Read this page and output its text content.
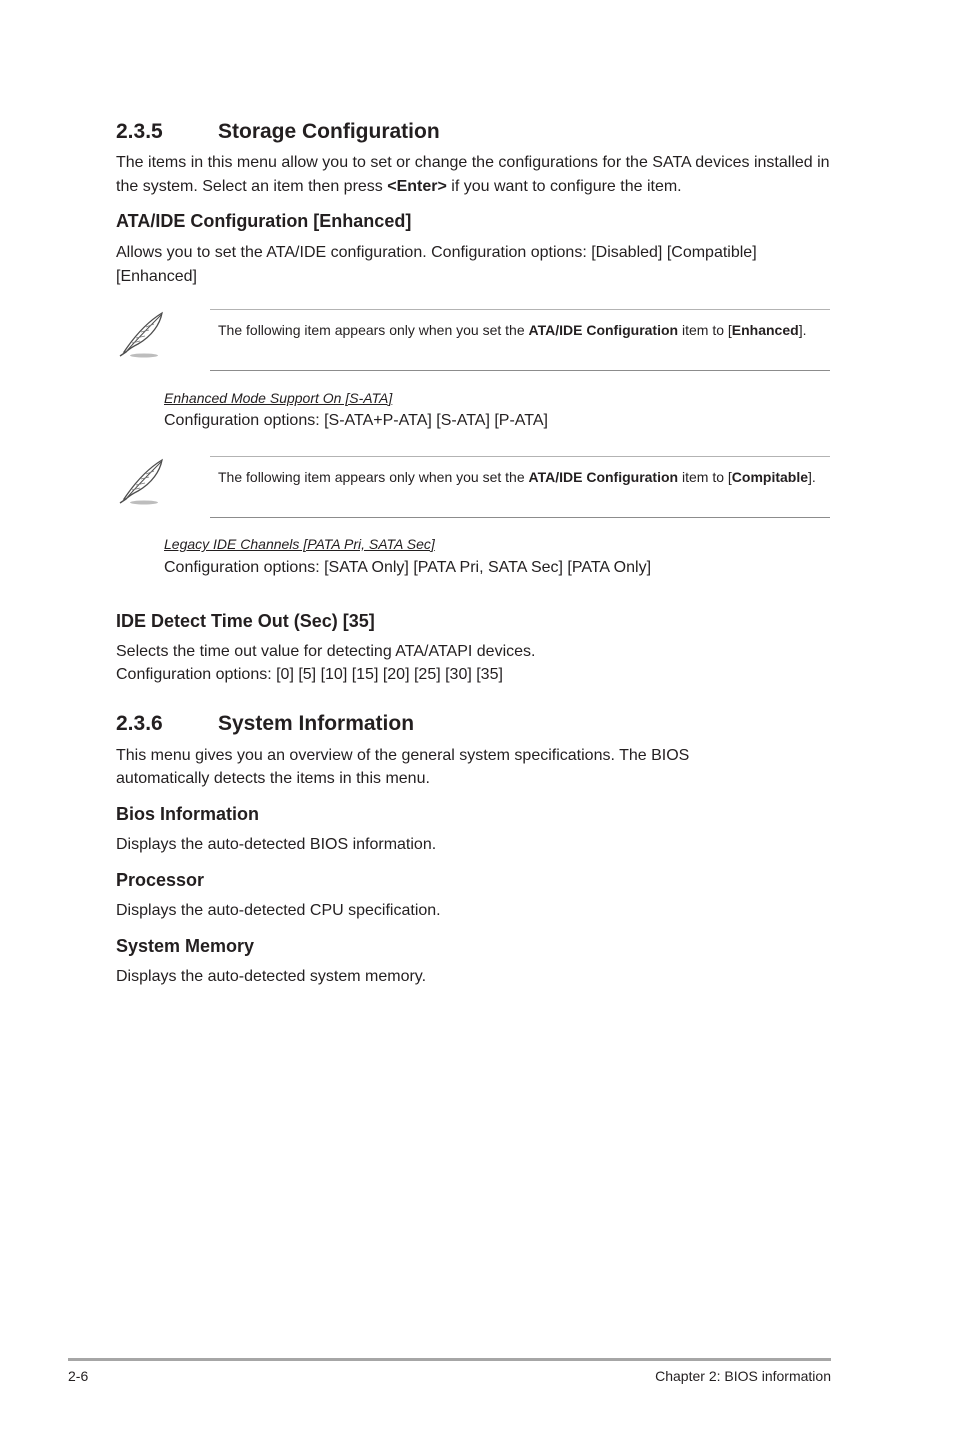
2.3.5	Storage Configuration

The items in this menu allow you to set or change the configurations for the SATA devices installed in the system. Select an item then press <Enter> if you want to configure the item.

ATA/IDE Configuration [Enhanced]

Allows you to set the ATA/IDE configuration. Configuration options: [Disabled] [Compatible] [Enhanced]

The following item appears only when you set the ATA/IDE Configuration item to [Enhanced].
Enhanced Mode Support On [S-ATA]

Configuration options: [S-ATA+P-ATA] [S-ATA] [P-ATA]

The following item appears only when you set the ATA/IDE Configuration item to [Compitable].
Legacy IDE Channels [PATA Pri, SATA Sec]

Configuration options: [SATA Only] [PATA Pri, SATA Sec] [PATA Only]

IDE Detect Time Out (Sec) [35]

Selects the time out value for detecting ATA/ATAPI devices.

Configuration options: [0] [5] [10] [15] [20] [25] [30] [35]

2.3.6	System Information

This menu gives you an overview of the general system specifications. The BIOS

automatically detects the items in this menu.

Bios Information

Displays the auto-detected BIOS information.

Processor

Displays the auto-detected CPU specification.

System Memory

Displays the auto-detected system memory.

2-6	Chapter 2: BIOS information
